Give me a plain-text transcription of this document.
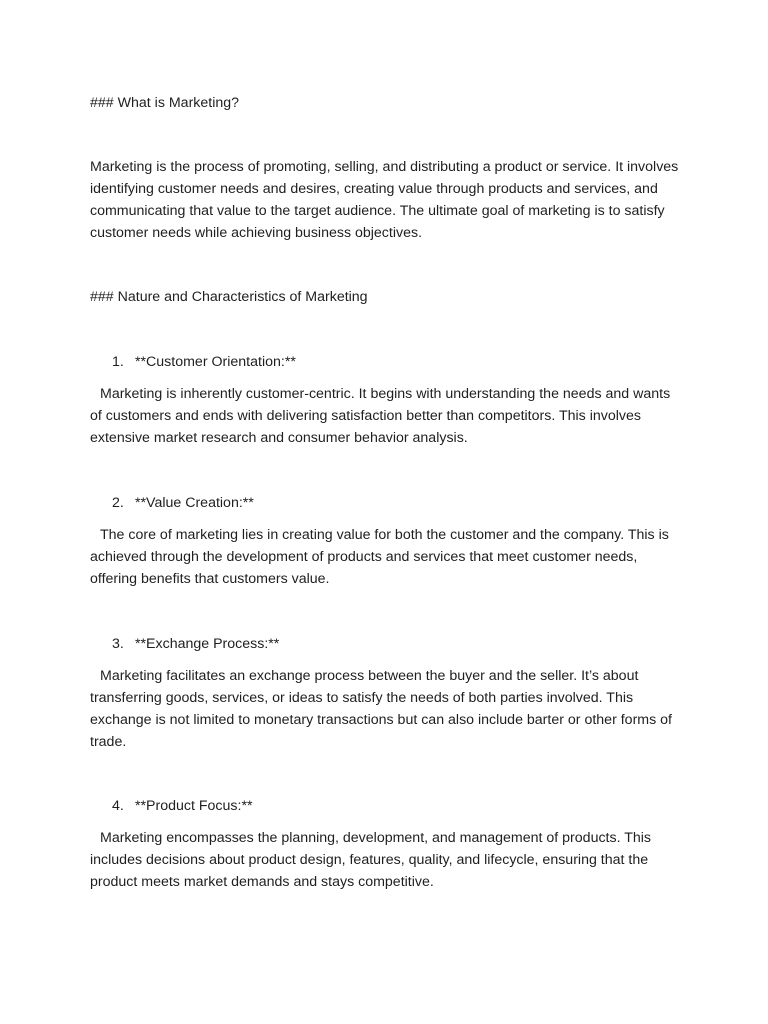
### What is Marketing?
Marketing is the process of promoting, selling, and distributing a product or service. It involves identifying customer needs and desires, creating value through products and services, and communicating that value to the target audience. The ultimate goal of marketing is to satisfy customer needs while achieving business objectives.
### Nature and Characteristics of Marketing
1. **Customer Orientation:**
Marketing is inherently customer-centric. It begins with understanding the needs and wants of customers and ends with delivering satisfaction better than competitors. This involves extensive market research and consumer behavior analysis.
2. **Value Creation:**
The core of marketing lies in creating value for both the customer and the company. This is achieved through the development of products and services that meet customer needs, offering benefits that customers value.
3. **Exchange Process:**
Marketing facilitates an exchange process between the buyer and the seller. It’s about transferring goods, services, or ideas to satisfy the needs of both parties involved. This exchange is not limited to monetary transactions but can also include barter or other forms of trade.
4. **Product Focus:**
Marketing encompasses the planning, development, and management of products. This includes decisions about product design, features, quality, and lifecycle, ensuring that the product meets market demands and stays competitive.
